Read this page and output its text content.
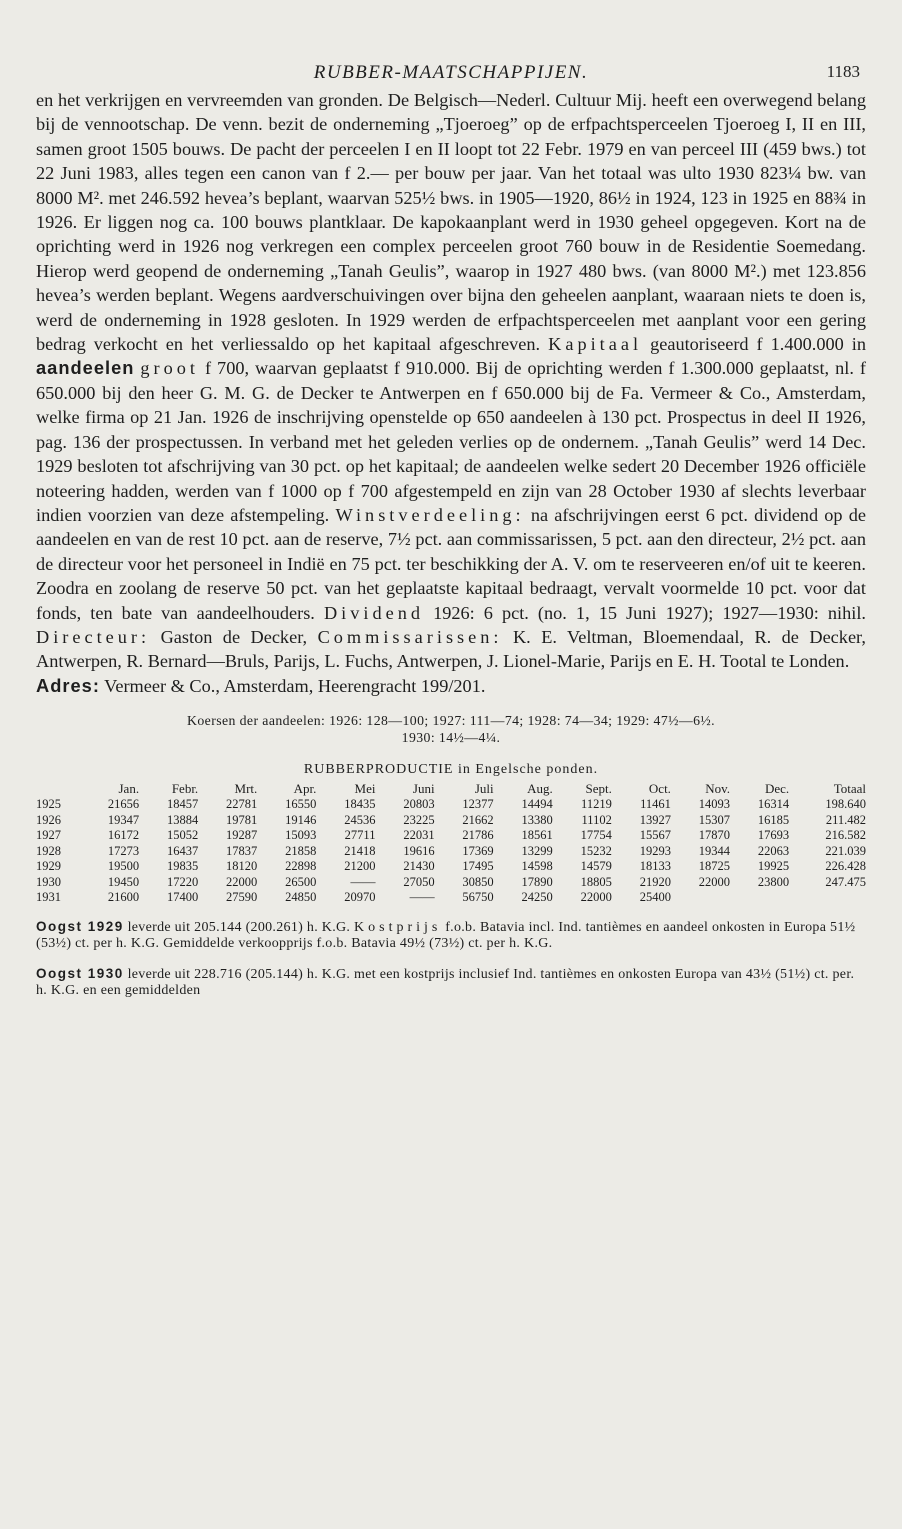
RUBBER-MAATSCHAPPIJEN.	1183

en het verkrijgen en vervreemden van gronden. De Belgisch—Nederl. Cultuur Mij. heeft een overwegend belang bij de vennootschap. De venn. bezit de onderneming „Tjoeroeg” op de erfpachtsperceelen Tjoeroeg I, II en III, samen groot 1505 bouws. De pacht der perceelen I en II loopt tot 22 Febr. 1979 en van perceel III (459 bws.) tot 22 Juni 1983, alles tegen een canon van f 2.— per bouw per jaar. Van het totaal was ulto 1930 823¼ bw. van 8000 M². met 246.592 hevea’s beplant, waarvan 525½ bws. in 1905—1920, 86½ in 1924, 123 in 1925 en 88¾ in 1926. Er liggen nog ca. 100 bouws plantklaar. De kapokaanplant werd in 1930 geheel opgegeven. Kort na de oprichting werd in 1926 nog verkregen een complex perceelen groot 760 bouw in de Residentie Soemedang. Hierop werd geopend de onderneming „Tanah Geulis”, waarop in 1927 480 bws. (van 8000 M².) met 123.856 hevea’s werden beplant. Wegens aardverschuivingen over bijna den geheelen aanplant, waaraan niets te doen is, werd de onderneming in 1928 gesloten. In 1929 werden de erfpachtsperceelen met aanplant voor een gering bedrag verkocht en het verliessaldo op het kapitaal afgeschreven. Kapitaal geautoriseerd f 1.400.000 in aandeelen groot f 700, waarvan geplaatst f 910.000. Bij de oprichting werden f 1.300.000 geplaatst, nl. f 650.000 bij den heer G. M. G. de Decker te Antwerpen en f 650.000 bij de Fa. Vermeer & Co., Amsterdam, welke firma op 21 Jan. 1926 de inschrijving openstelde op 650 aandeelen à 130 pct. Prospectus in deel II 1926, pag. 136 der prospectussen. In verband met het geleden verlies op de ondernem. „Tanah Geulis” werd 14 Dec. 1929 besloten tot afschrijving van 30 pct. op het kapitaal; de aandeelen welke sedert 20 December 1926 officiële noteering hadden, werden van f 1000 op f 700 afgestempeld en zijn van 28 October 1930 af slechts leverbaar indien voorzien van deze afstempeling. Winstverdeeling: na afschrijvingen eerst 6 pct. dividend op de aandeelen en van de rest 10 pct. aan de reserve, 7½ pct. aan commissarissen, 5 pct. aan den directeur, 2½ pct. aan de directeur voor het personeel in Indië en 75 pct. ter beschikking der A. V. om te reserveeren en/of uit te keeren. Zoodra en zoolang de reserve 50 pct. van het geplaatste kapitaal bedraagt, vervalt voormelde 10 pct. voor dat fonds, ten bate van aandeelhouders. Dividend 1926: 6 pct. (no. 1, 15 Juni 1927); 1927—1930: nihil. Directeur: Gaston de Decker, Commissarissen: K. E. Veltman, Bloemendaal, R. de Decker, Antwerpen, R. Bernard—Bruls, Parijs, L. Fuchs, Antwerpen, J. Lionel-Marie, Parijs en E. H. Tootal te Londen.

Adres: Vermeer & Co., Amsterdam, Heerengracht 199/201.
Koersen der aandeelen: 1926: 128—100; 1927: 111—74; 1928: 74—34; 1929: 47½—6½.
1930: 14½—4¼.
RUBBERPRODUCTIE in Engelsche ponden.
	Jan.	Febr.	Mrt.	Apr.	Mei	Juni	Juli	Aug.	Sept.	Oct.	Nov.	Dec.	Totaal
1925	21656	18457	22781	16550	18435	20803	12377	14494	11219	11461	14093	16314	198.640
1926	19347	13884	19781	19146	24536	23225	21662	13380	11102	13927	15307	16185	211.482
1927	16172	15052	19287	15093	27711	22031	21786	18561	17754	15567	17870	17693	216.582
1928	17273	16437	17837	21858	21418	19616	17369	13299	15232	19293	19344	22063	221.039
1929	19500	19835	18120	22898	21200	21430	17495	14598	14579	18133	18725	19925	226.428
1930	19450	17220	22000	26500	——	27050	30850	17890	18805	21920	22000	23800	247.475
1931	21600	17400	27590	24850	20970	——	56750	24250	22000	25400			
Oogst 1929 leverde uit 205.144 (200.261) h. K.G. Kostprijs f.o.b. Batavia incl. Ind. tantièmes en aandeel onkosten in Europa 51½ (53½) ct. per h. K.G. Gemiddelde verkoopprijs f.o.b. Batavia 49½ (73½) ct. per h. K.G.
Oogst 1930 leverde uit 228.716 (205.144) h. K.G. met een kostprijs inclusief Ind. tantièmes en onkosten Europa van 43½ (51½) ct. per. h. K.G. en een gemiddelden
